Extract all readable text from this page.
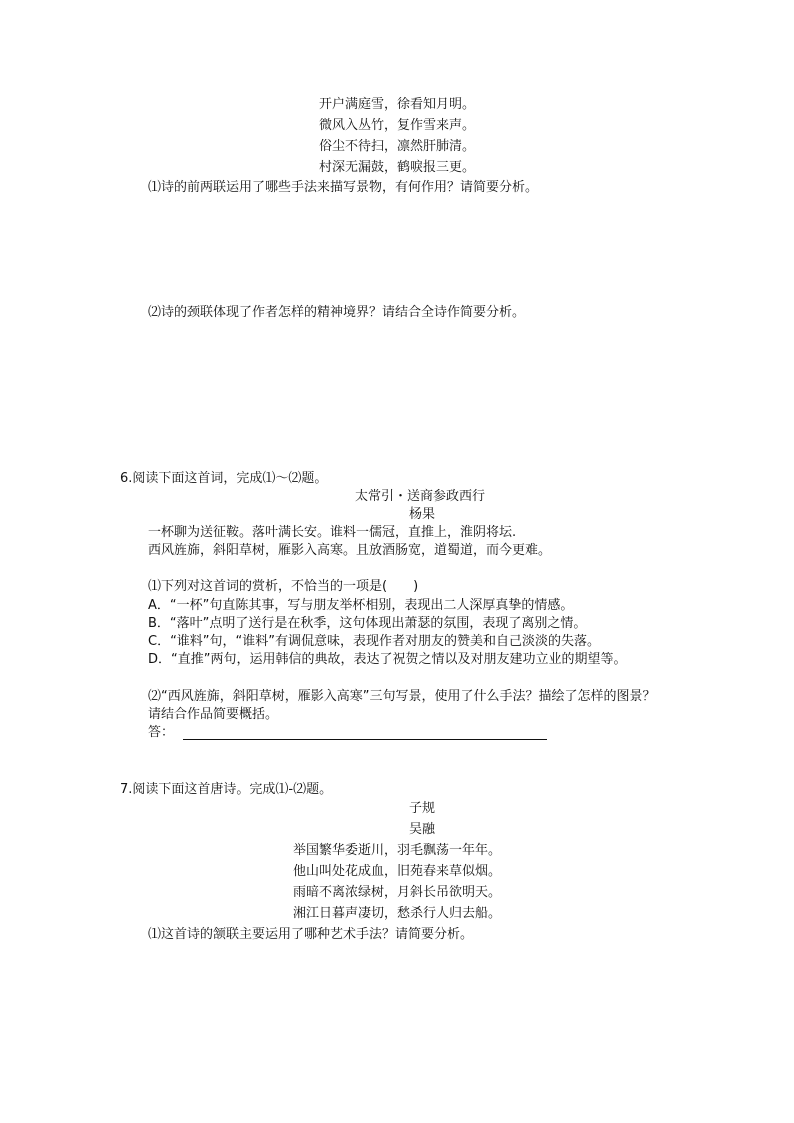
开户满庭雪，徐看知月明。
微风入丛竹，复作雪来声。
俗尘不待扫，凛然肝肺清。
村深无漏鼓，鹤唳报三更。
⑴诗的前两联运用了哪些手法来描写景物，有何作用？请简要分析。
⑵诗的颈联体现了作者怎样的精神境界？请结合全诗作简要分析。
6.阅读下面这首词，完成⑴～⑵题。
太常引・送商参政西行
杨果
一杯聊为送征鞍。落叶满长安。谁料一儒冠，直推上，淮阴将坛.
西风旌旆，斜阳草树，雁影入高寒。且放酒肠宽，道蜀道，而今更难。
⑴下列对这首词的赏析，不恰当的一项是(　　)
A．“一杯”句直陈其事，写与朋友举杯相别，表现出二人深厚真挚的情感。
B．“落叶”点明了送行是在秋季，这句体现出萧瑟的氛围，表现了离别之情。
C．“谁料”句，“谁料”有调侃意味，表现作者对朋友的赞美和自己淡淡的失落。
D．“直推”两句，运用韩信的典故，表达了祝贺之情以及对朋友建功立业的期望等。
⑵“西风旌旆，斜阳草树，雁影入高寒”三句写景，使用了什么手法？描绘了怎样的图景？
请结合作品简要概括。
答：
7.阅读下面这首唐诗。完成⑴-⑵题。
子规
吴融
举国繁华委逝川，羽毛飘荡一年年。
他山叫处花成血，旧苑春来草似烟。
雨暗不离浓绿树，月斜长吊欲明天。
湘江日暮声凄切，愁杀行人归去船。
⑴这首诗的颔联主要运用了哪种艺术手法？请简要分析。
